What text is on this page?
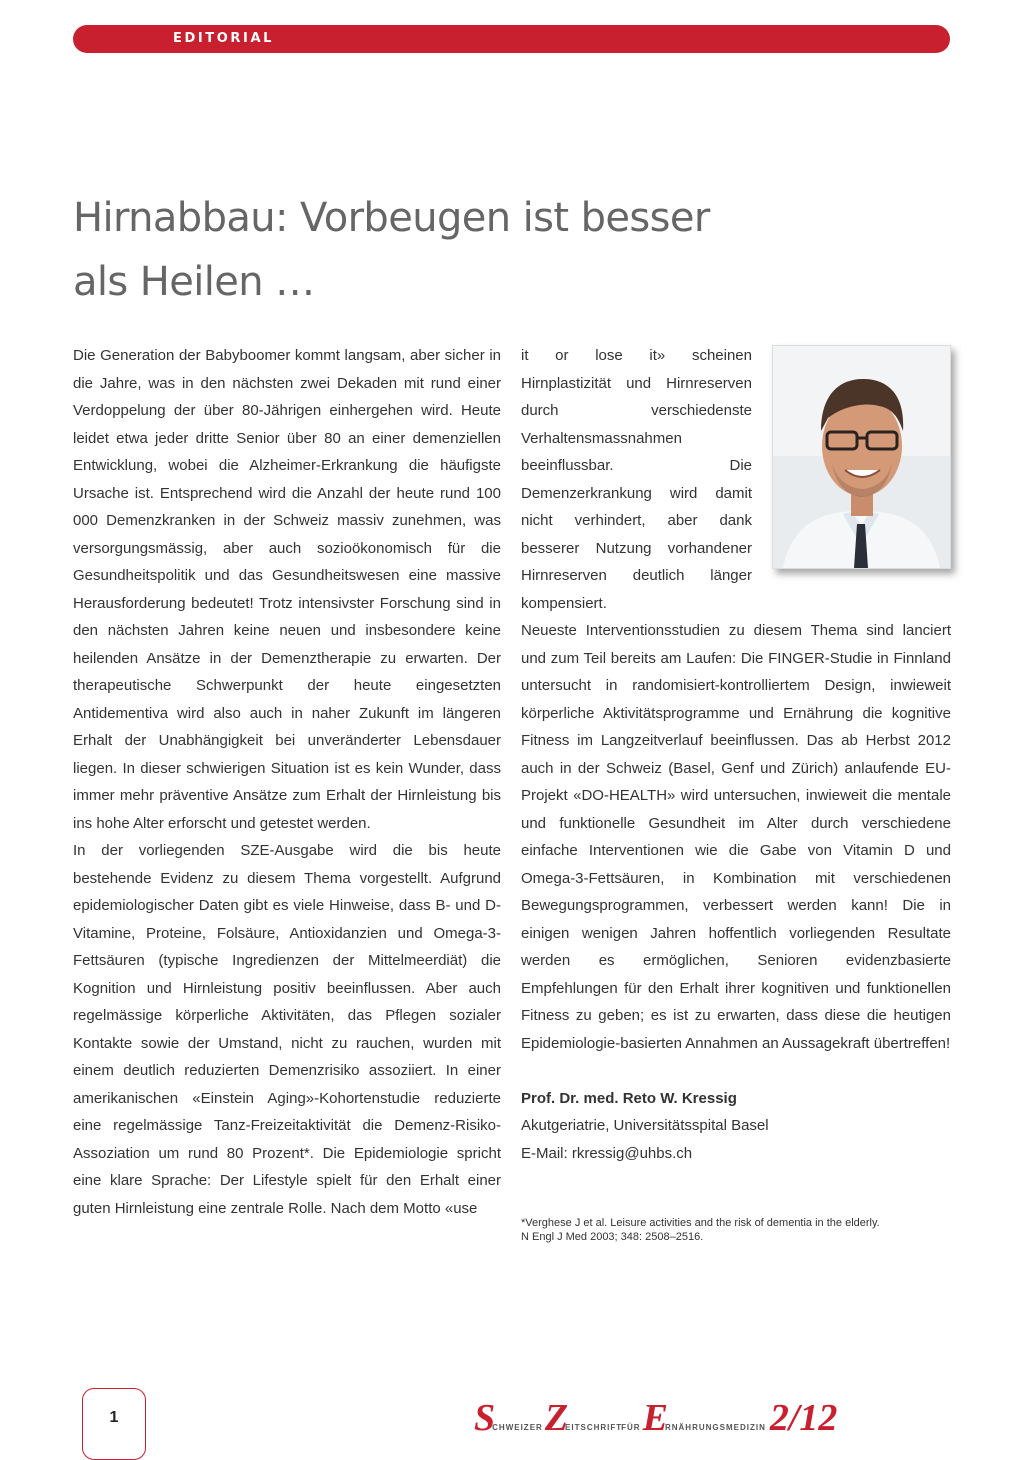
EDITORIAL
Hirnabbau: Vorbeugen ist besser
als Heilen …

Die Generation der Babyboomer kommt langsam, aber sicher in die Jahre, was in den nächsten zwei Dekaden mit rund einer Verdoppelung der über 80-Jährigen einhergehen wird. Heute leidet etwa jeder dritte Senior über 80 an einer demenziellen Entwicklung, wobei die Alzheimer-Erkrankung die häufigste Ursache ist. Entsprechend wird die Anzahl der heute rund 100 000 Demenzkranken in der Schweiz massiv zunehmen, was versorgungsmässig, aber auch sozioökonomisch für die Gesundheitspolitik und das Gesundheitswesen eine massive Herausforderung bedeutet! Trotz intensivster Forschung sind in den nächsten Jahren keine neuen und insbesondere keine heilenden Ansätze in der Demenztherapie zu erwarten. Der therapeutische Schwerpunkt der heute eingesetzten Antidementiva wird also auch in naher Zukunft im längeren Erhalt der Unabhängigkeit bei unveränderter Lebensdauer liegen. In dieser schwierigen Situation ist es kein Wunder, dass immer mehr präventive Ansätze zum Erhalt der Hirnleistung bis ins hohe Alter erforscht und getestet werden.

In der vorliegenden SZE-Ausgabe wird die bis heute bestehende Evidenz zu diesem Thema vorgestellt. Aufgrund epidemiologischer Daten gibt es viele Hinweise, dass B- und D-Vitamine, Proteine, Folsäure, Antioxidanzien und Omega-3-Fettsäuren (typische Ingredienzen der Mittelmeerdiät) die Kognition und Hirnleistung positiv beeinflussen. Aber auch regelmässige körperliche Aktivitäten, das Pflegen sozialer Kontakte sowie der Umstand, nicht zu rauchen, wurden mit einem deutlich reduzierten Demenzrisiko assoziiert. In einer amerikanischen «Einstein Aging»-Kohortenstudie reduzierte eine regelmässige Tanz-Freizeitaktivität die Demenz-Risiko-Assoziation um rund 80 Prozent*. Die Epidemiologie spricht eine klare Sprache: Der Lifestyle spielt für den Erhalt einer guten Hirnleistung eine zentrale Rolle. Nach dem Motto «use

it or lose it» scheinen Hirnplastizität und Hirnreserven durch verschiedenste Verhaltensmassnahmen beeinflussbar. Die Demenzerkrankung wird damit nicht verhindert, aber dank besserer Nutzung vorhandener Hirnreserven deutlich länger kompensiert.

Neueste Interventionsstudien zu diesem Thema sind lanciert und zum Teil bereits am Laufen: Die FINGER-Studie in Finnland untersucht in randomisiert-kontrolliertem Design, inwieweit körperliche Aktivitätsprogramme und Ernährung die kognitive Fitness im Langzeitverlauf beeinflussen. Das ab Herbst 2012 auch in der Schweiz (Basel, Genf und Zürich) anlaufende EU-Projekt «DO-HEALTH» wird untersuchen, inwieweit die mentale und funktionelle Gesundheit im Alter durch verschiedene einfache Interventionen wie die Gabe von Vitamin D und Omega-3-Fettsäuren, in Kombination mit verschiedenen Bewegungsprogrammen, verbessert werden kann! Die in einigen wenigen Jahren hoffentlich vorliegenden Resultate werden es ermöglichen, Senioren evidenzbasierte Empfehlungen für den Erhalt ihrer kognitiven und funktionellen Fitness zu geben; es ist zu erwarten, dass diese die heutigen Epidemiologie-basierten Annahmen an Aussagekraft übertreffen!

Prof. Dr. med. Reto W. Kressig

Akutgeriatrie, Universitätsspital Basel

E-Mail: rkressig@uhbs.ch

*Verghese J et al. Leisure activities and the risk of dementia in the elderly.
N Engl J Med 2003; 348: 2508–2516.
1	SCHWEIZERZEITSCHRIFTFÜRERNÄHRUNGSMEDIZIN 2/12
